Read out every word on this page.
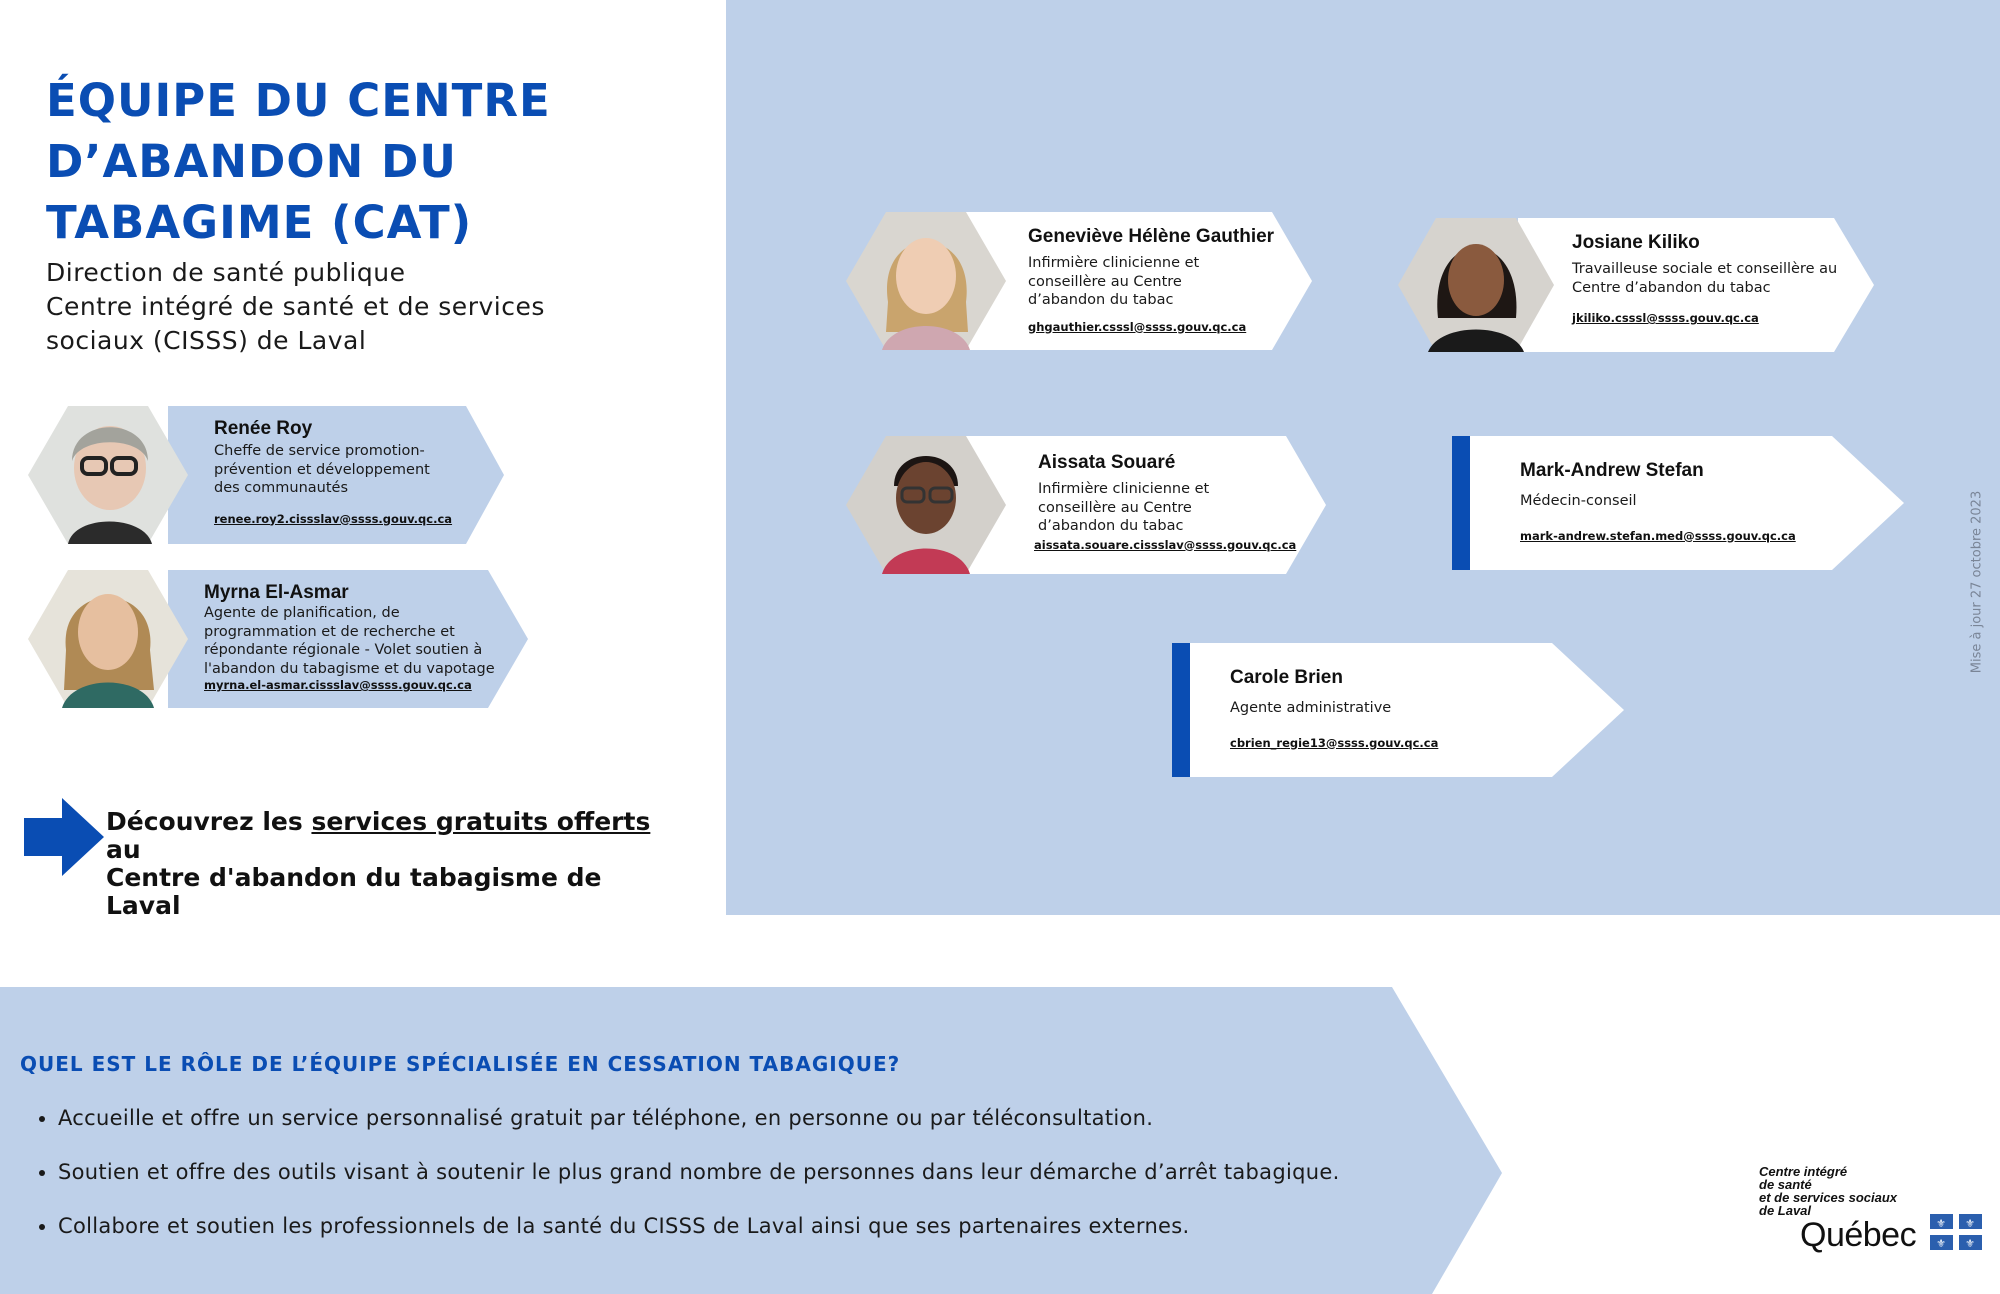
ÉQUIPE DU CENTRE
D’ABANDON DU
TABAGIME (CAT)
Direction de santé publique
Centre intégré de santé et de services
sociaux (CISSS) de Laval
Renée Roy
Cheffe de service promotion-
prévention et développement
des communautés
renee.roy2.cissslav@ssss.gouv.qc.ca
Myrna El-Asmar
Agente de planification, de
programmation et de recherche et
répondante régionale - Volet soutien à
l'abandon du tabagisme et du vapotage
myrna.el-asmar.cissslav@ssss.gouv.qc.ca
Geneviève Hélène Gauthier
Infirmière clinicienne et
conseillère au Centre
d’abandon du tabac
ghgauthier.csssl@ssss.gouv.qc.ca
Josiane Kiliko
Travailleuse sociale et conseillère au
Centre d’abandon du tabac
jkiliko.csssl@ssss.gouv.qc.ca
Aissata Souaré
Infirmière clinicienne et
conseillère au Centre
d’abandon du tabac
aissata.souare.cissslav@ssss.gouv.qc.ca
Mark-Andrew Stefan
Médecin-conseil
mark-andrew.stefan.med@ssss.gouv.qc.ca
Carole Brien
Agente administrative
cbrien_regie13@ssss.gouv.qc.ca
Découvrez les services gratuits offerts au
Centre d'abandon du tabagisme de Laval
Mise à jour 27 octobre 2023
QUEL EST LE RÔLE DE L’ÉQUIPE SPÉCIALISÉE EN CESSATION TABAGIQUE?
• Accueille et offre un service personnalisé gratuit par téléphone, en personne ou par téléconsultation.
• Soutien et offre des outils visant à soutenir le plus grand nombre de personnes dans leur démarche d’arrêt tabagique.
• Collabore et soutien les professionnels de la santé du CISSS de Laval ainsi que ses partenaires externes.
Centre intégré
de santé
et de services sociaux
de Laval
Québec ⚜ ⚜
⚜ ⚜
